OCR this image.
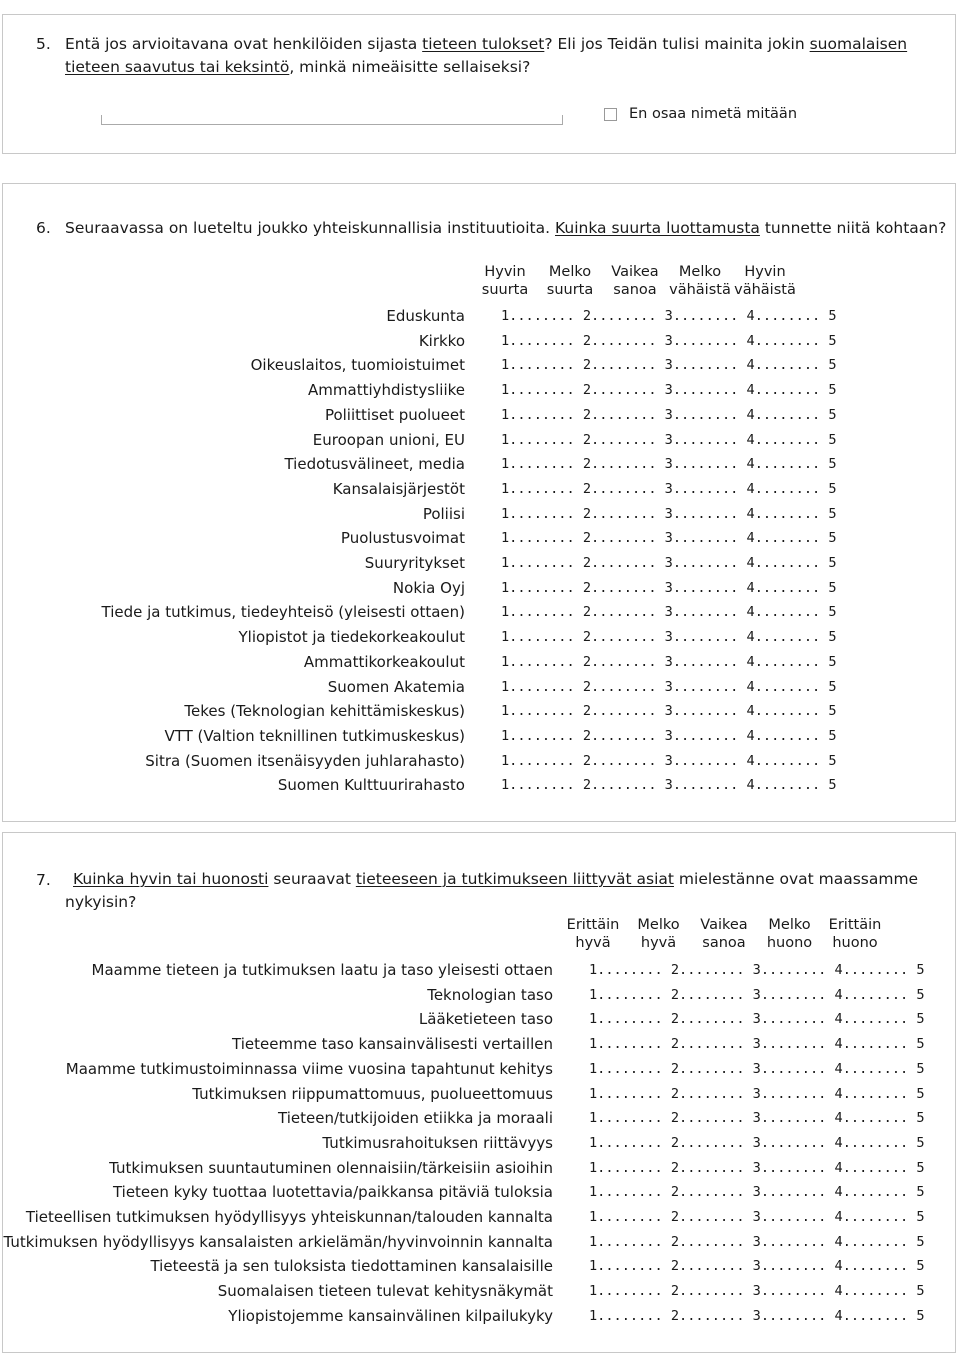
5. Entä jos arvioitavana ovat henkilöiden sijasta tieteen tulokset? Eli jos Teidän tulisi mainita jokin suomalaisen
tieteen saavutus tai keksintö, minkä nimeäisitte sellaiseksi?
En osaa nimetä mitään
6. Seuraavassa on lueteltu joukko yhteiskunnallisia instituutioita. Kuinka suurta luottamusta tunnette niitä kohtaan?
Hyvin
suurta
Melko
suurta
Vaikea
sanoa
Melko
vähäistä
Hyvin
vähäistä
Eduskunta	1........ 2........ 3........ 4........ 5
Kirkko	1........ 2........ 3........ 4........ 5
Oikeuslaitos, tuomioistuimet	1........ 2........ 3........ 4........ 5
Ammattiyhdistysliike	1........ 2........ 3........ 4........ 5
Poliittiset puolueet	1........ 2........ 3........ 4........ 5
Euroopan unioni, EU	1........ 2........ 3........ 4........ 5
Tiedotusvälineet, media	1........ 2........ 3........ 4........ 5
Kansalaisjärjestöt	1........ 2........ 3........ 4........ 5
Poliisi	1........ 2........ 3........ 4........ 5
Puolustusvoimat	1........ 2........ 3........ 4........ 5
Suuryritykset	1........ 2........ 3........ 4........ 5
Nokia Oyj	1........ 2........ 3........ 4........ 5
Tiede ja tutkimus, tiedeyhteisö (yleisesti ottaen)	1........ 2........ 3........ 4........ 5
Yliopistot ja tiedekorkeakoulut	1........ 2........ 3........ 4........ 5
Ammattikorkeakoulut	1........ 2........ 3........ 4........ 5
Suomen Akatemia	1........ 2........ 3........ 4........ 5
Tekes (Teknologian kehittämiskeskus)	1........ 2........ 3........ 4........ 5
VTT (Valtion teknillinen tutkimuskeskus)	1........ 2........ 3........ 4........ 5
Sitra (Suomen itsenäisyyden juhlarahasto)	1........ 2........ 3........ 4........ 5
Suomen Kulttuurirahasto	1........ 2........ 3........ 4........ 5
7. Kuinka hyvin tai huonosti seuraavat tieteeseen ja tutkimukseen liittyvät asiat mielestänne ovat maassamme
nykyisin?
Erittäin
hyvä
Melko
hyvä
Vaikea
sanoa
Melko
huono
Erittäin
huono
Maamme tieteen ja tutkimuksen laatu ja taso yleisesti ottaen	1........ 2........ 3........ 4........ 5
Teknologian taso	1........ 2........ 3........ 4........ 5
Lääketieteen taso	1........ 2........ 3........ 4........ 5
Tieteemme taso kansainvälisesti vertaillen	1........ 2........ 3........ 4........ 5
Maamme tutkimustoiminnassa viime vuosina tapahtunut kehitys	1........ 2........ 3........ 4........ 5
Tutkimuksen riippumattomuus, puolueettomuus	1........ 2........ 3........ 4........ 5
Tieteen/tutkijoiden etiikka ja moraali	1........ 2........ 3........ 4........ 5
Tutkimusrahoituksen riittävyys	1........ 2........ 3........ 4........ 5
Tutkimuksen suuntautuminen olennaisiin/tärkeisiin asioihin	1........ 2........ 3........ 4........ 5
Tieteen kyky tuottaa luotettavia/paikkansa pitäviä tuloksia	1........ 2........ 3........ 4........ 5
Tieteellisen tutkimuksen hyödyllisyys yhteiskunnan/talouden kannalta	1........ 2........ 3........ 4........ 5
Tutkimuksen hyödyllisyys kansalaisten arkielämän/hyvinvoinnin kannalta	1........ 2........ 3........ 4........ 5
Tieteestä ja sen tuloksista tiedottaminen kansalaisille	1........ 2........ 3........ 4........ 5
Suomalaisen tieteen tulevat kehitysnäkymät	1........ 2........ 3........ 4........ 5
Yliopistojemme kansainvälinen kilpailukyky	1........ 2........ 3........ 4........ 5
